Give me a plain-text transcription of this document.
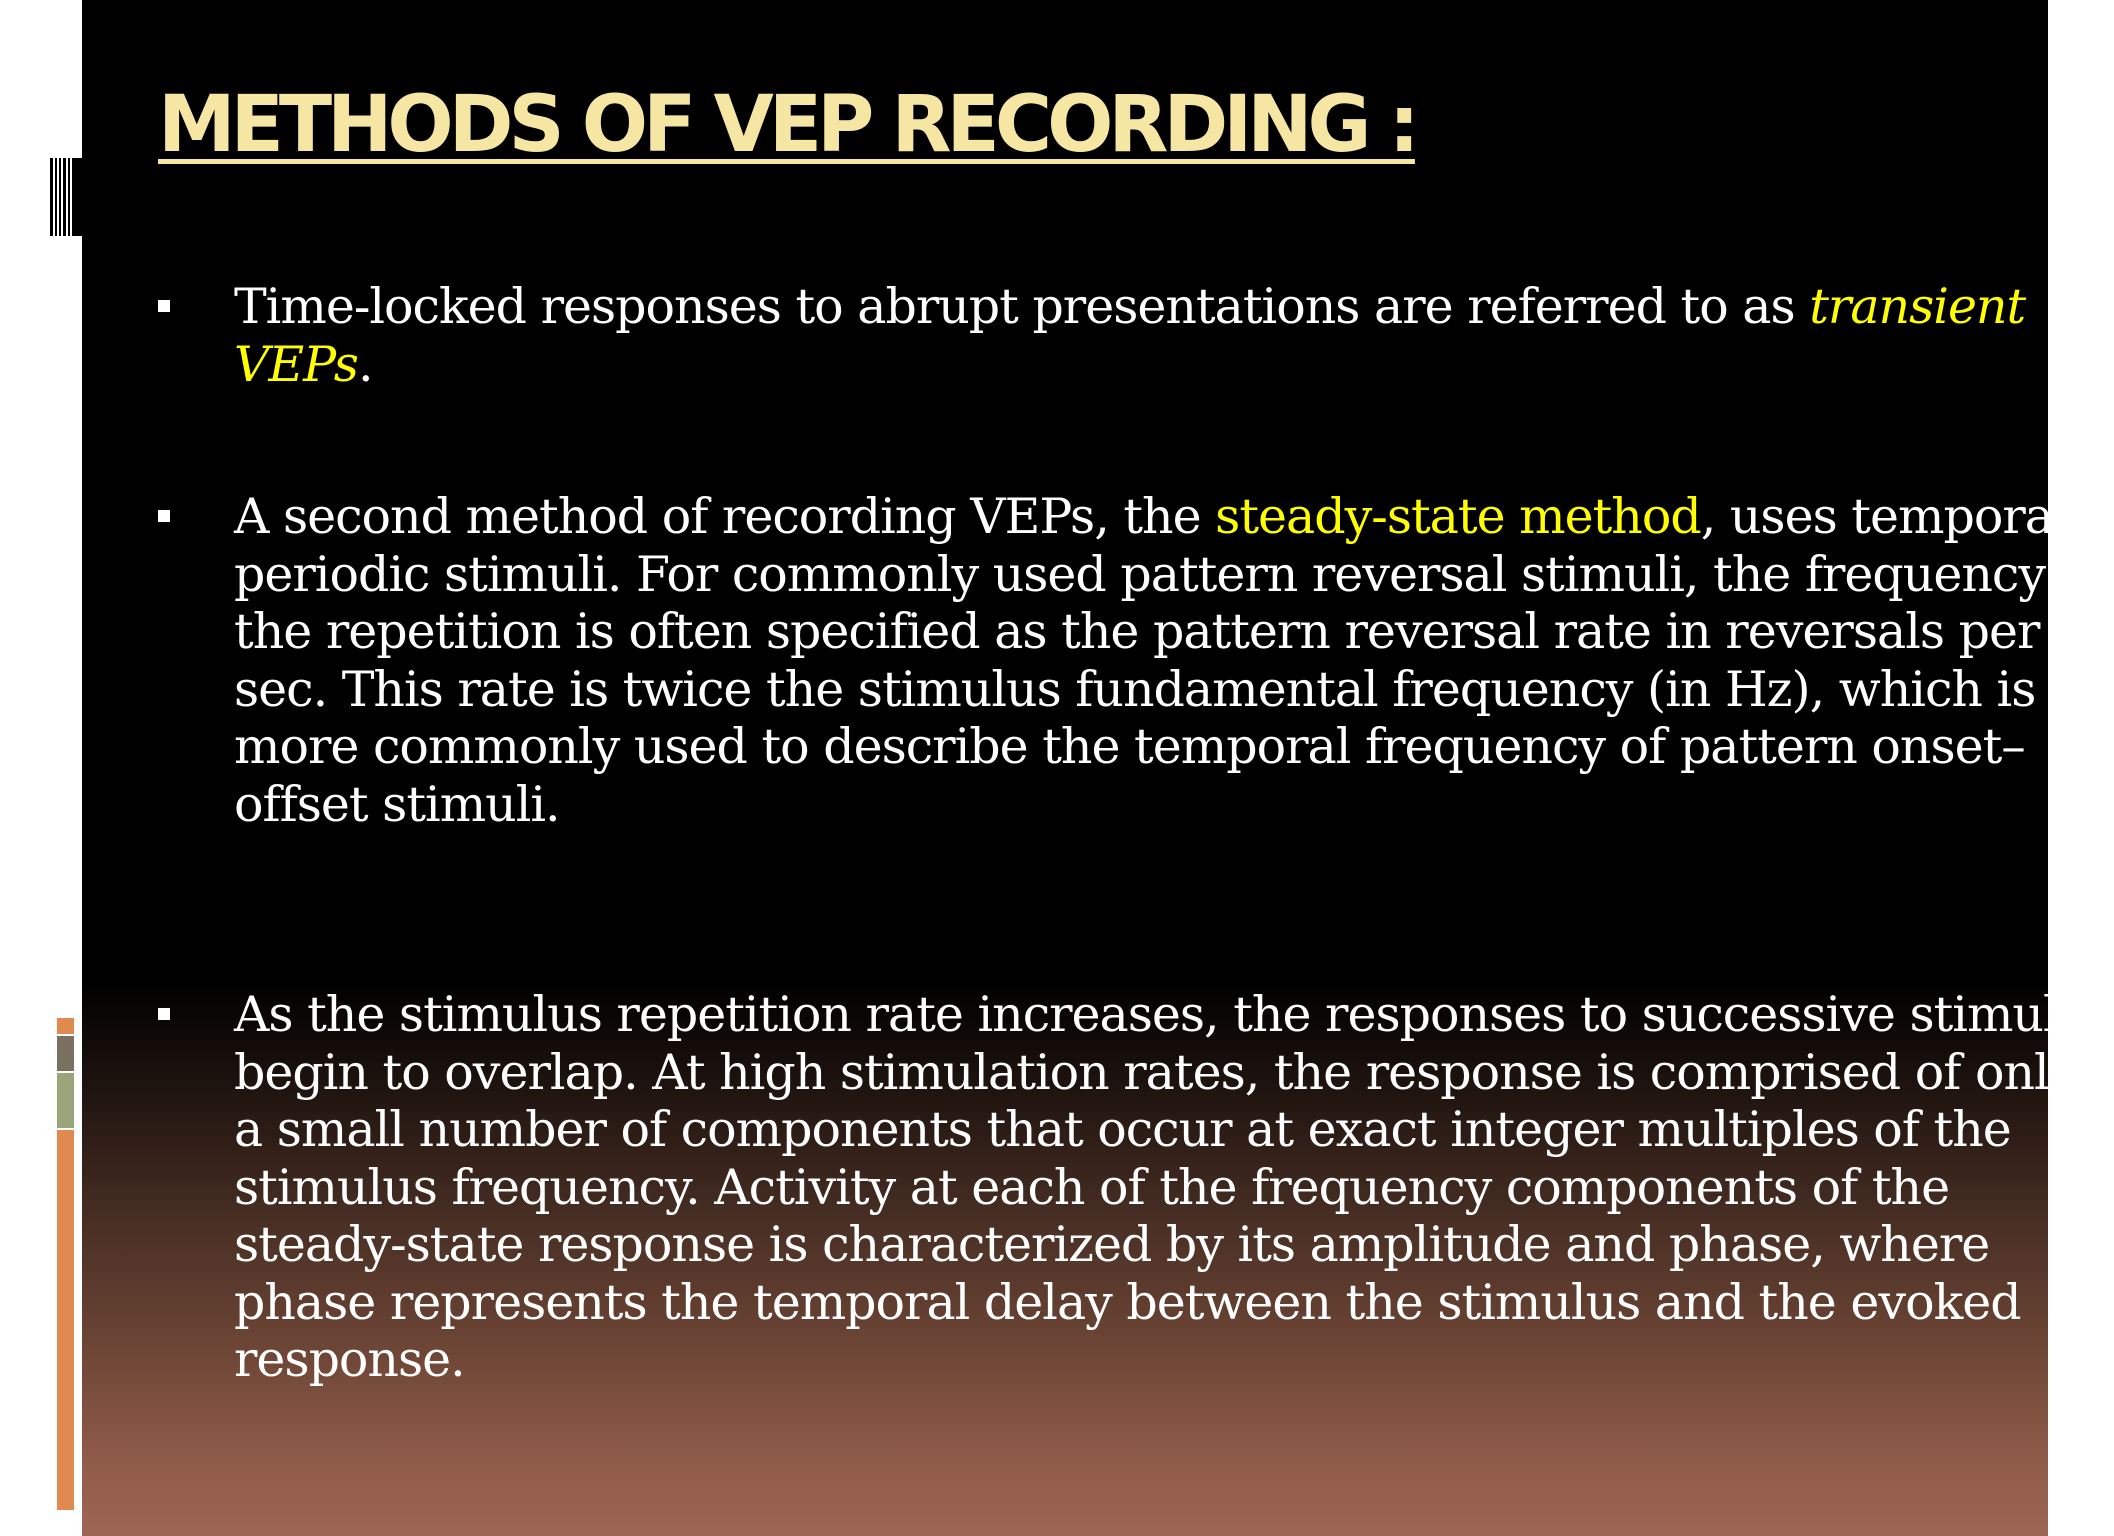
METHODS OF VEP RECORDING :

Time-locked responses to abrupt presentations are referred to as transient VEPs.

A second method of recording VEPs, the steady-state method, uses temporally periodic stimuli. For commonly used pattern reversal stimuli, the frequency of the repetition is often specified as the pattern reversal rate in reversals per sec. This rate is twice the stimulus fundamental frequency (in Hz), which is more commonly used to describe the temporal frequency of pattern onset–offset stimuli.

As the stimulus repetition rate increases, the responses to successive stimuli begin to overlap. At high stimulation rates, the response is comprised of only a small number of components that occur at exact integer multiples of the stimulus frequency. Activity at each of the frequency components of the steady-state response is characterized by its amplitude and phase, where phase represents the temporal delay between the stimulus and the evoked response.
